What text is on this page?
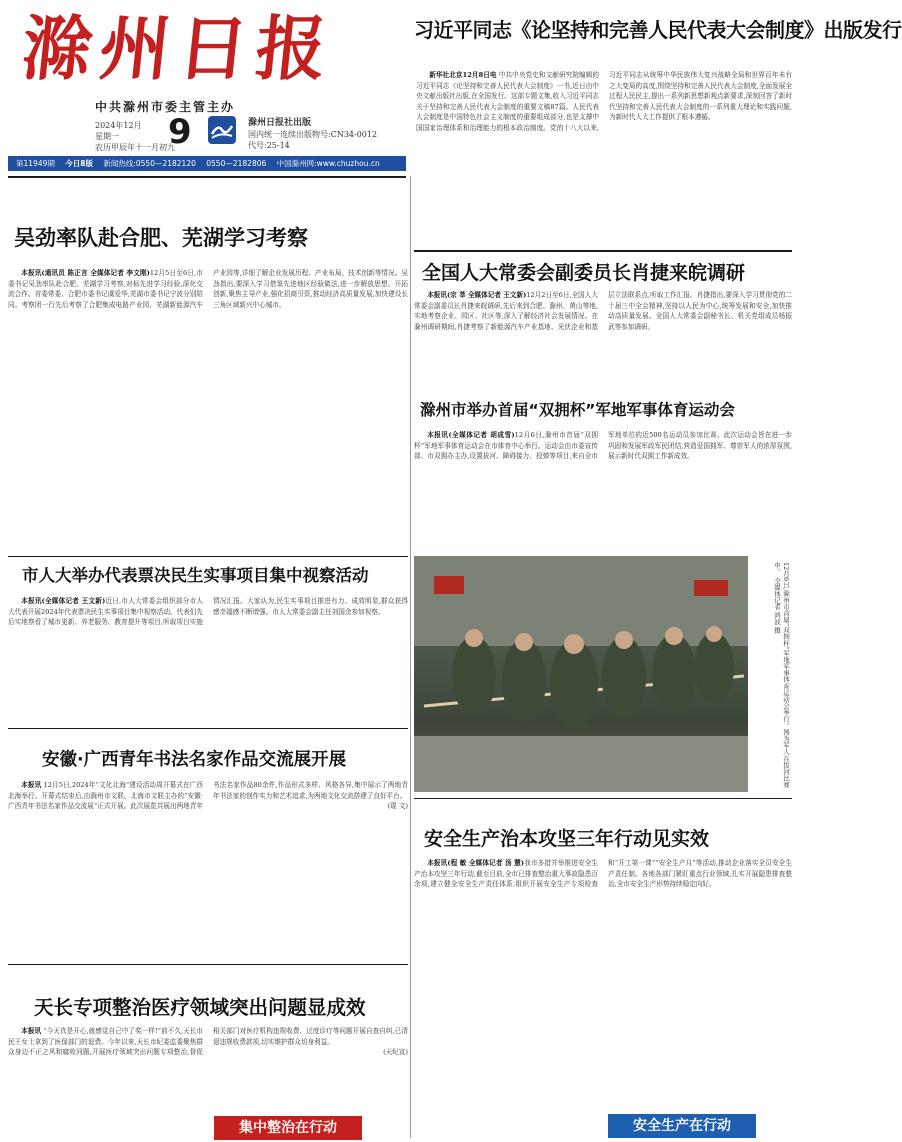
滁州日报
中共滁州市委主管主办
2024年12月
星期一
农历甲辰年十一月初九
9	滁州日报社出版
国内统一连续出版物号:CN34-0012
代号:25-14
第11949期 今日8版 新闻热线:0550—2182120 0550—2182806 中国滁州网:www.chuzhou.cn
习近平同志《论坚持和完善人民代表大会制度》出版发行

新华社北京12月8日电 中共中央党史和文献研究院编辑的习近平同志《论坚持和完善人民代表大会制度》一书,近日由中央文献出版社出版,在全国发行。这部专题文集,收入习近平同志关于坚持和完善人民代表大会制度的重要文稿87篇。人民代表大会制度是中国特色社会主义制度的重要组成部分,也是支撑中国国家治理体系和治理能力的根本政治制度。党的十八大以来,习近平同志从统筹中华民族伟大复兴战略全局和世界百年未有之大变局的高度,围绕坚持和完善人民代表大会制度,全面发展全过程人民民主,提出一系列新思想新观点新要求,深刻回答了新时代坚持和完善人民代表大会制度的一系列重大理论和实践问题,为新时代人大工作提供了根本遵循。

全国人大常委会副委员长肖捷来皖调研

本报讯(宗 莘 全媒体记者 王文新)12月2日至6日,全国人大常委会副委员长肖捷来皖调研,先后来到合肥、滁州、黄山等地,实地考察企业、园区、社区等,深入了解经济社会发展情况。在滁州调研期间,肖捷考察了新能源汽车产业基地、光伏企业和基层立法联系点,听取工作汇报。肖捷指出,要深入学习贯彻党的二十届三中全会精神,坚持以人民为中心,统筹发展和安全,加快推动高质量发展。全国人大常委会副秘书长、机关党组成员杨振武等参加调研。

吴劲率队赴合肥、芜湖学习考察

本报讯(通讯员 陈正言 全媒体记者 李文刚)12月5日至6日,市委书记吴劲率队赴合肥、芜湖学习考察,对标先进学习经验,深化交流合作。省委常委、合肥市委书记虞爱华,芜湖市委书记宁波分别陪同。考察团一行先后考察了合肥集成电路产业园、芜湖新能源汽车产业园等,详细了解企业发展历程、产业布局、技术创新等情况。吴劲指出,要深入学习借鉴先进地区经验做法,进一步解放思想、开拓创新,聚焦主导产业,强化招商引资,推动经济高质量发展,加快建设长三角区域新兴中心城市。

滁州市举办首届“双拥杯”军地军事体育运动会

本报讯(全媒体记者 胡成雪)12月6日,滁州市首届“双拥杯”军地军事体育运动会在市体育中心举行。运动会由市委宣传部、市双拥办主办,设置拔河、障碍接力、投弹等项目,来自全市军地单位的近500名运动员参加比赛。此次运动会旨在进一步巩固和发展军政军民团结,营造爱国拥军、尊崇军人的浓厚氛围,展示新时代双拥工作新成效。

12月6日,滁州市首届“双拥杯”军地军事体育运动会举行。图为军人在拔河比赛中。 全媒体记者 鸿波 摄
市人大举办代表票决民生实事项目集中视察活动

本报讯(全媒体记者 王文新)近日,市人大常委会组织部分市人大代表开展2024年代表票决民生实事项目集中视察活动。代表们先后实地察看了城市更新、养老服务、教育提升等项目,听取项目实施情况汇报。大家认为,民生实事项目推进有力、成效明显,群众获得感幸福感不断增强。市人大常委会副主任刘国余参加视察。

安徽·广西青年书法名家作品交流展开展

本报讯 12月5日,2024年“文化北海”建设活动周开幕式在广西北海举行。开幕式结束后,由滁州市文联、北海市文联主办的“安徽·广西青年书法名家作品交流展”正式开展。此次展览共展出两地青年书法名家作品80余件,作品形式多样、风格各异,集中展示了两地青年书法家的创作实力和艺术追求,为两地文化交流搭建了良好平台。

(琨 文)

天长专项整治医疗领域突出问题显成效

本报讯 “今天真是开心,就感觉自己中了奖一样!”前不久,天长市民王女士拿到了医保部门的退费。今年以来,天长市纪委监委聚焦群众身边不正之风和腐败问题,开展医疗领域突出问题专项整治,督促相关部门对医疗机构违规收费、过度诊疗等问题开展自查自纠,已清退违规收费款项,切实维护群众切身利益。

(天纪宣)

集中整治在行动
安全生产治本攻坚三年行动见实效

本报讯(程 敏 全媒体记者 汤 慧)我市多措并举推进安全生产治本攻坚三年行动,截至目前,全市已排查整治重大事故隐患百余项,建立健全安全生产责任体系,组织开展安全生产专项检查和“开工第一课”“安全生产月”等活动,推动企业落实全员安全生产责任制。各地各部门紧盯重点行业领域,扎实开展隐患排查整治,全市安全生产形势持续稳定向好。

安全生产在行动
